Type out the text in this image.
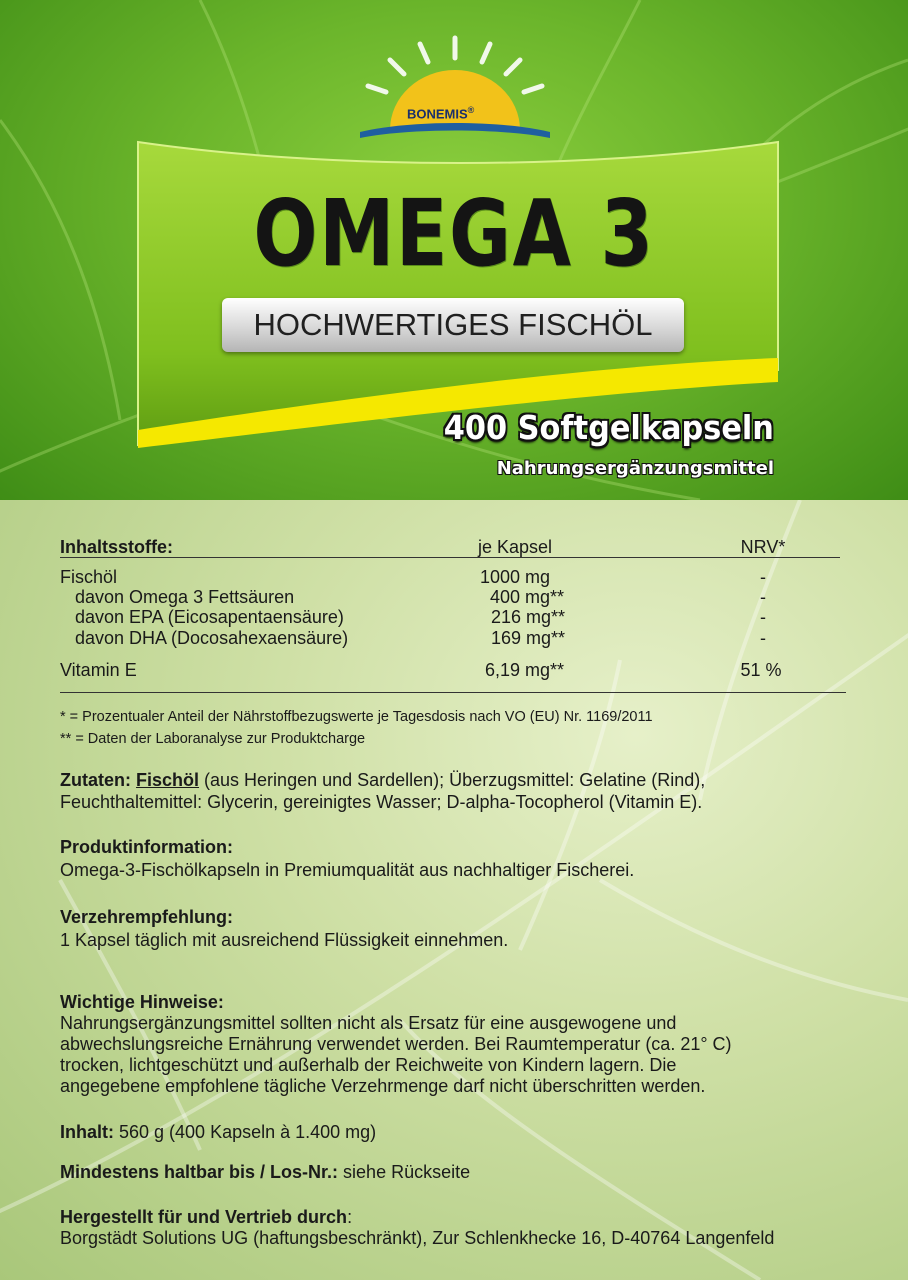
BONEMIS®
OMEGA 3
HOCHWERTIGES FISCHÖL
400 Softgelkapseln
Nahrungsergänzungsmittel
Inhaltsstoffe:	je Kapsel	NRV*
Fischöl	1000 mg	-
davon Omega 3 Fettsäuren	400 mg**	-
davon EPA (Eicosapentaensäure)	216 mg**	-
davon DHA (Docosahexaensäure)	169 mg**	-
Vitamin E	6,19 mg**	51 %
* = Prozentualer Anteil der Nährstoffbezugswerte je Tagesdosis nach VO (EU) Nr. 1169/2011
** = Daten der Laboranalyse zur Produktcharge
Zutaten: Fischöl (aus Heringen und Sardellen); Überzugsmittel: Gelatine (Rind),
Feuchthaltemittel: Glycerin, gereinigtes Wasser; D-alpha-Tocopherol (Vitamin E).
Produktinformation:
Omega-3-Fischölkapseln in Premiumqualität aus nachhaltiger Fischerei.
Verzehrempfehlung:
1 Kapsel täglich mit ausreichend Flüssigkeit einnehmen.
Wichtige Hinweise:
Nahrungsergänzungsmittel sollten nicht als Ersatz für eine ausgewogene und
abwechslungsreiche Ernährung verwendet werden. Bei Raumtemperatur (ca. 21° C)
trocken, lichtgeschützt und außerhalb der Reichweite von Kindern lagern. Die
angegebene empfohlene tägliche Verzehrmenge darf nicht überschritten werden.
Inhalt: 560 g (400 Kapseln à 1.400 mg)
Mindestens haltbar bis / Los-Nr.: siehe Rückseite
Hergestellt für und Vertrieb durch:
Borgstädt Solutions UG (haftungsbeschränkt), Zur Schlenkhecke 16, D-40764 Langenfeld
